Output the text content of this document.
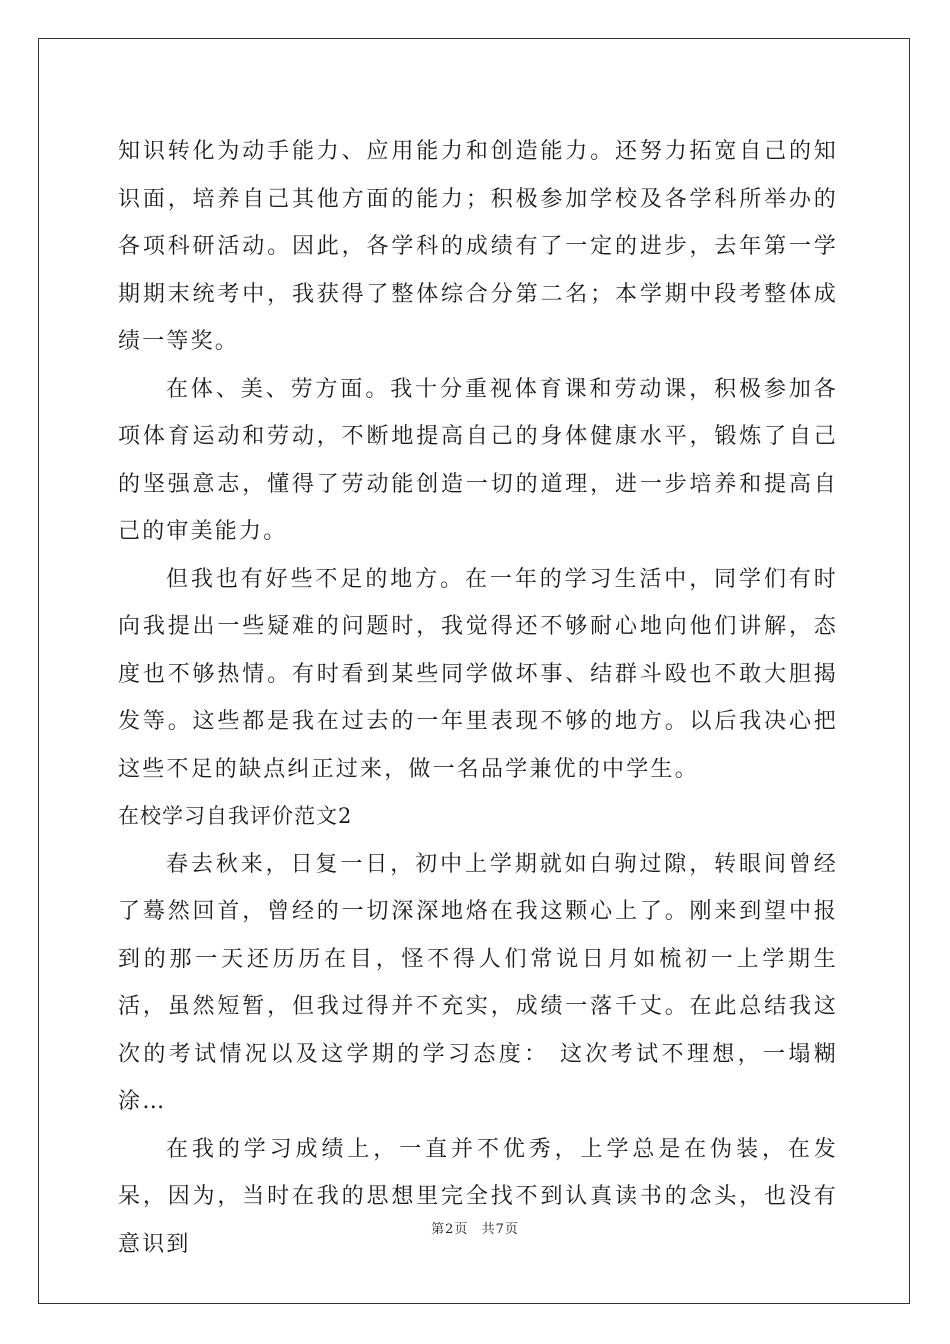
知识转化为动手能力、应用能力和创造能力。还努力拓宽自己的知识面，培养自己其他方面的能力；积极参加学校及各学科所举办的各项科研活动。因此，各学科的成绩有了一定的进步，去年第一学期期末统考中，我获得了整体综合分第二名；本学期中段考整体成绩一等奖。

在体、美、劳方面。我十分重视体育课和劳动课，积极参加各项体育运动和劳动，不断地提高自己的身体健康水平，锻炼了自己的坚强意志，懂得了劳动能创造一切的道理，进一步培养和提高自己的审美能力。

但我也有好些不足的地方。在一年的学习生活中，同学们有时向我提出一些疑难的问题时，我觉得还不够耐心地向他们讲解，态度也不够热情。有时看到某些同学做坏事、结群斗殴也不敢大胆揭发等。这些都是我在过去的一年里表现不够的地方。以后我决心把这些不足的缺点纠正过来，做一名品学兼优的中学生。

在校学习自我评价范文2

春去秋来，日复一日，初中上学期就如白驹过隙，转眼间曾经了蓦然回首，曾经的一切深深地烙在我这颗心上了。刚来到望中报到的那一天还历历在目，怪不得人们常说日月如梳初一上学期生活，虽然短暂，但我过得并不充实，成绩一落千丈。在此总结我这次的考试情况以及这学期的学习态度： 这次考试不理想，一塌糊涂…

在我的学习成绩上，一直并不优秀，上学总是在伪装，在发呆，因为，当时在我的思想里完全找不到认真读书的念头，也没有意识到

第2页 共7页
